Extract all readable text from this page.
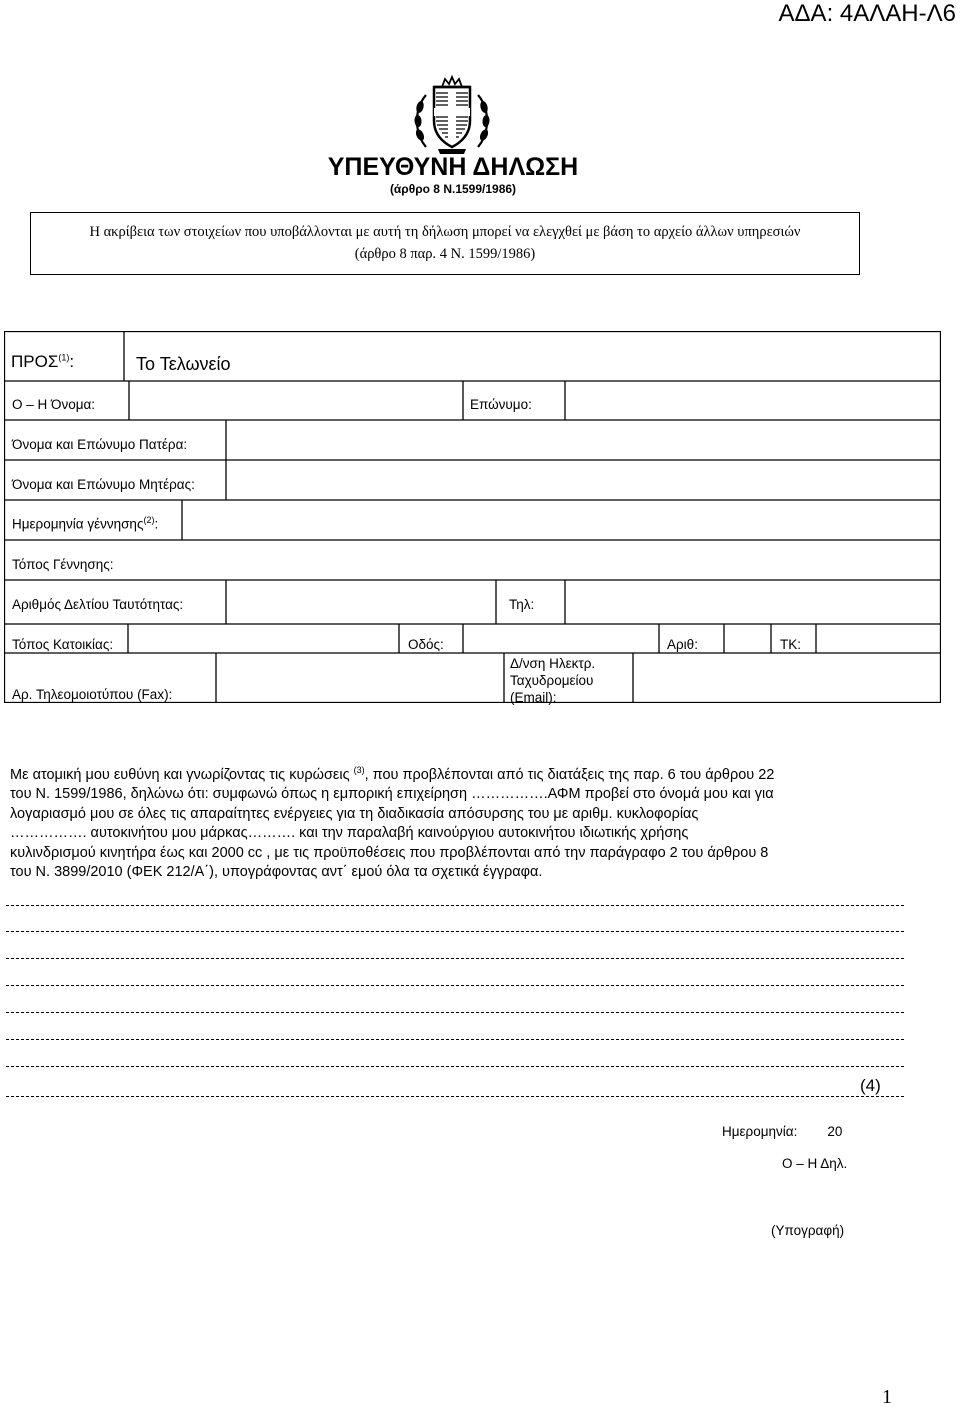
ΑΔΑ: 4ΑΛΑΗ-Λ6
ΥΠΕΥΘΥΝΗ ΔΗΛΩΣΗ
(άρθρο 8 Ν.1599/1986)
Η ακρίβεια των στοιχείων που υποβάλλονται με αυτή τη δήλωση μπορεί να ελεγχθεί με βάση το αρχείο άλλων υπηρεσιών
(άρθρο 8 παρ. 4 Ν. 1599/1986)
ΠΡΟΣ$^{(1)}$:	Το Τελωνείο
Ο – Η Όνομα:	Επώνυμο:
Όνομα και Επώνυμο Πατέρα:
Όνομα και Επώνυμο Μητέρας:
Ημερομηνία γέννησης$^{(2)}$:
Τόπος Γέννησης:
Αριθμός Δελτίου Ταυτότητας:	Τηλ:
Τόπος Κατοικίας:	Οδός:	Αριθ:	ΤΚ:
Αρ. Τηλεομοιοτύπου (Fax):
Δ/νση Ηλεκτρ.
Ταχυδρομείου
(Email):
Με ατομική μου ευθύνη και γνωρίζοντας τις κυρώσεις $^{(3)}$, που προβλέπονται από τις διατάξεις της παρ. 6 του άρθρου 22
του Ν. 1599/1986, δηλώνω ότι: συμφωνώ όπως η εμπορική επιχείρηση …………….ΑΦΜ προβεί στο όνομά μου και για
λογαριασμό μου σε όλες τις απαραίτητες ενέργειες για τη διαδικασία απόσυρσης του με αριθμ. κυκλοφορίας
……………. αυτοκινήτου μου μάρκας………. και την παραλαβή καινούργιου αυτοκινήτου ιδιωτικής χρήσης
κυλινδρισμού κινητήρα έως και 2000 cc , με τις προϋποθέσεις που προβλέπονται από την παράγραφο 2 του άρθρου 8
του Ν. 3899/2010 (ΦΕΚ 212/Α΄), υπογράφοντας αντ΄ εμού όλα τα σχετικά έγγραφα.
(4)
Ημερομηνία: 20
Ο – Η Δηλ.
(Υπογραφή)
1
